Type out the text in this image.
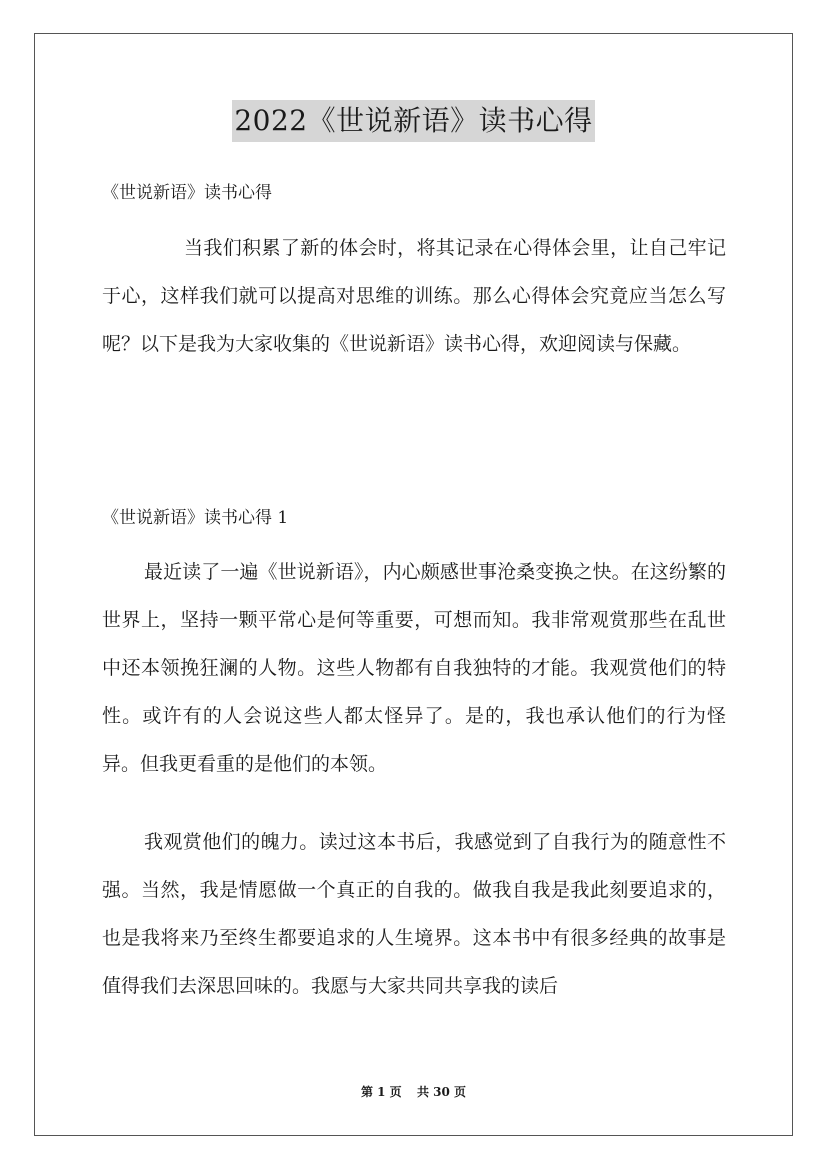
2022《世说新语》读书心得
《世说新语》读书心得

当我们积累了新的体会时，将其记录在心得体会里，让自己牢记于心，这样我们就可以提高对思维的训练。那么心得体会究竟应当怎么写呢？以下是我为大家收集的《世说新语》读书心得，欢迎阅读与保藏。

《世说新语》读书心得 1

最近读了一遍《世说新语》，内心颇感世事沧桑变换之快。在这纷繁的世界上，坚持一颗平常心是何等重要，可想而知。我非常观赏那些在乱世中还本领挽狂澜的人物。这些人物都有自我独特的才能。我观赏他们的特性。或许有的人会说这些人都太怪异了。是的，我也承认他们的行为怪异。但我更看重的是他们的本领。

我观赏他们的魄力。读过这本书后，我感觉到了自我行为的随意性不强。当然，我是情愿做一个真正的自我的。做我自我是我此刻要追求的，也是我将来乃至终生都要追求的人生境界。这本书中有很多经典的故事是值得我们去深思回味的。我愿与大家共同共享我的读后

第 1 页 共 30 页
